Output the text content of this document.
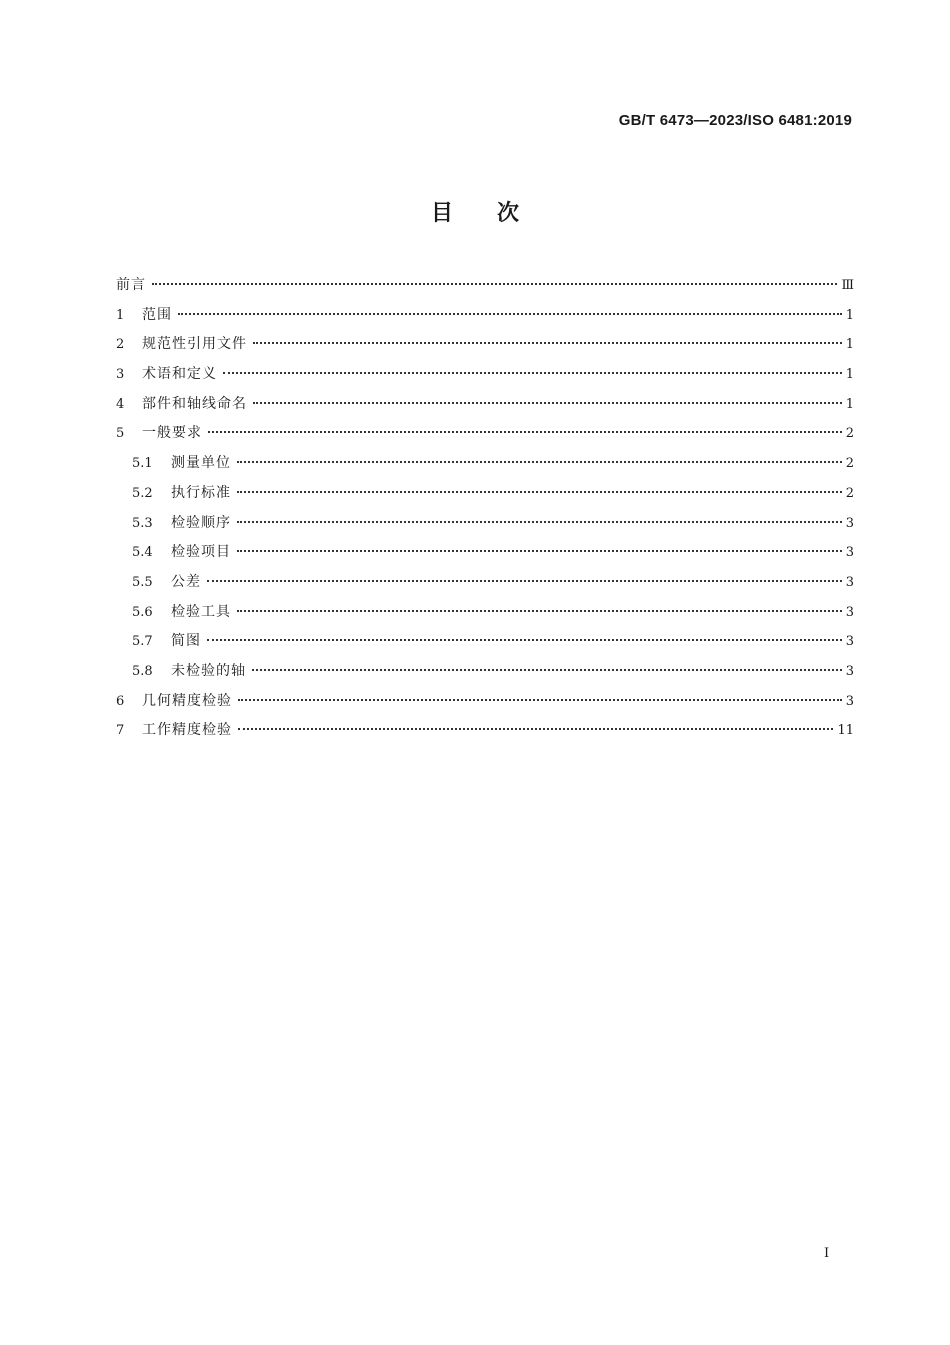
GB/T 6473—2023/ISO 6481:2019
目次
前言	Ⅲ
1	范围	1
2	规范性引用文件	1
3	术语和定义	1
4	部件和轴线命名	1
5	一般要求	2
5.1	测量单位	2
5.2	执行标准	2
5.3	检验顺序	3
5.4	检验项目	3
5.5	公差	3
5.6	检验工具	3
5.7	简图	3
5.8	未检验的轴	3
6	几何精度检验	3
7	工作精度检验	11
Ⅰ
